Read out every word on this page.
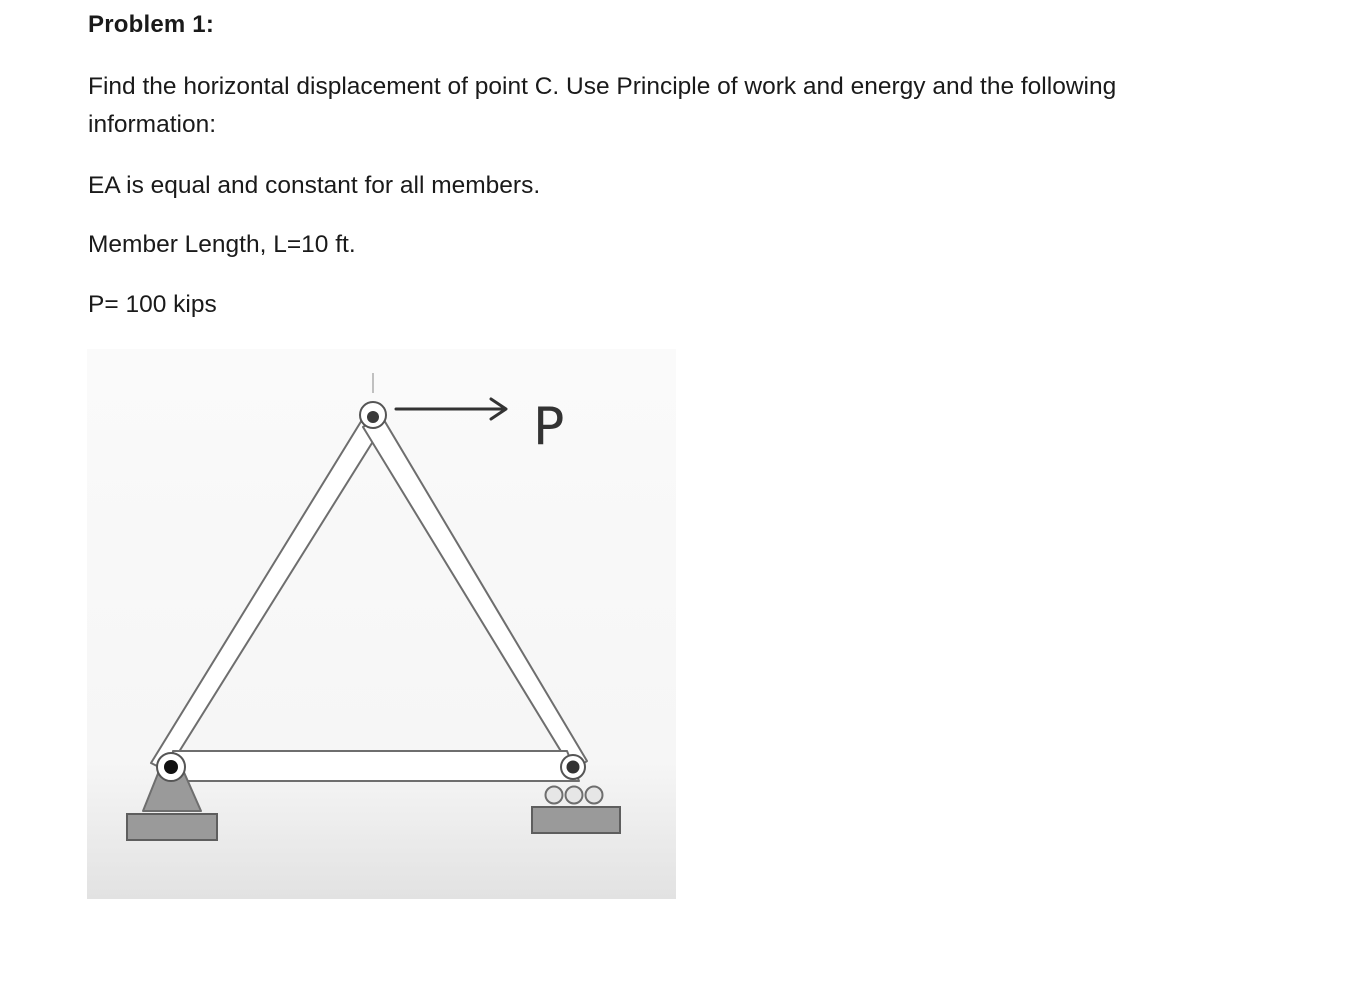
Problem 1:
Find the horizontal displacement of point C. Use Principle of work and energy and the following
information:
EA is equal and constant for all members.
Member Length, L=10 ft.
P= 100 kips
P
